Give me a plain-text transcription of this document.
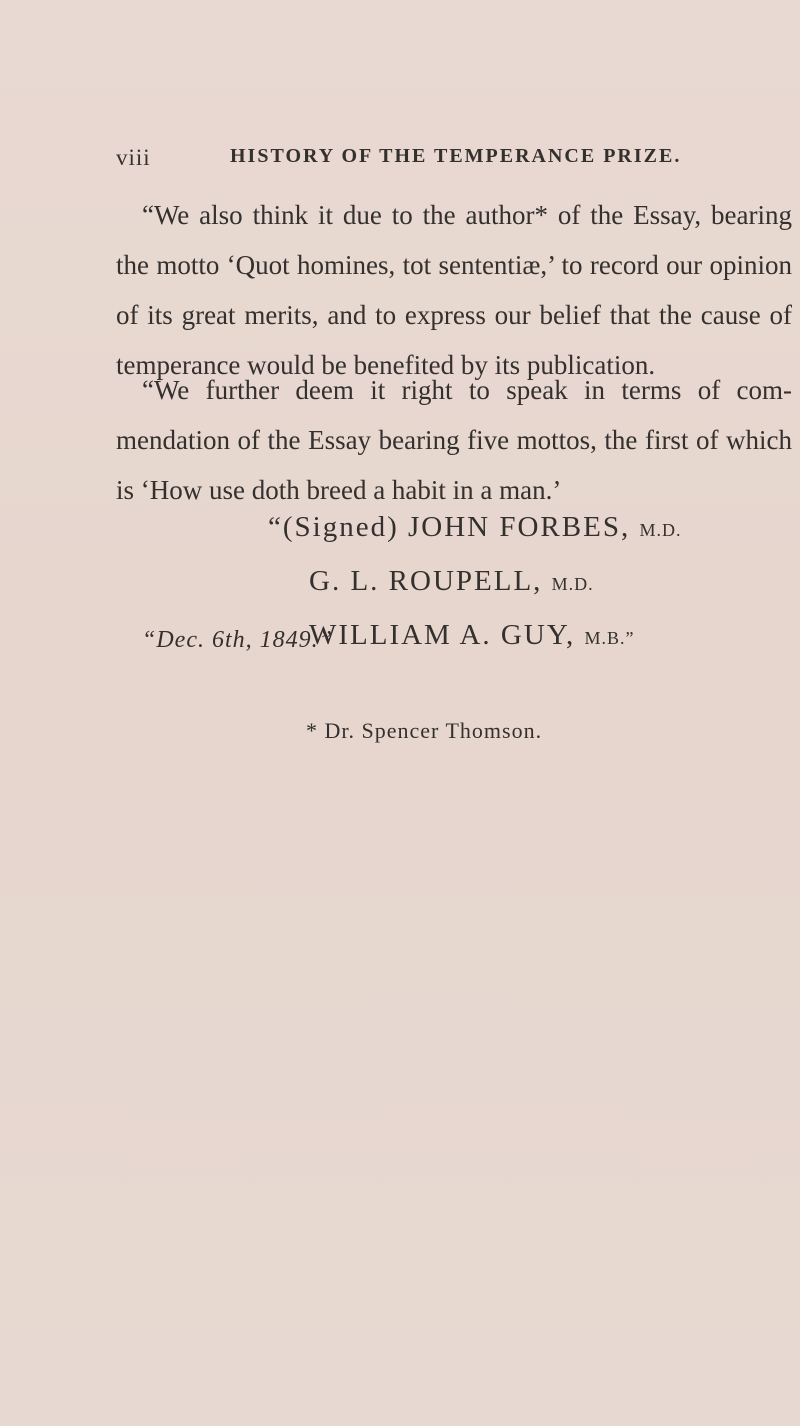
viii	HISTORY OF THE TEMPERANCE PRIZE.
“We also think it due to the author* of the Essay, bearing the motto ‘Quot homines, tot sententiæ,’ to record our opinion of its great merits, and to express our belief that the cause of temperance would be benefited by its publication.
“We further deem it right to speak in terms of com- mendation of the Essay bearing five mottos, the first of which is ‘How use doth breed a habit in a man.’
“(Signed) JOHN FORBES, M.D.
G. L. ROUPELL, M.D.
WILLIAM A. GUY, M.B.”
“Dec. 6th, 1849.”
* Dr. Spencer Thomson.
